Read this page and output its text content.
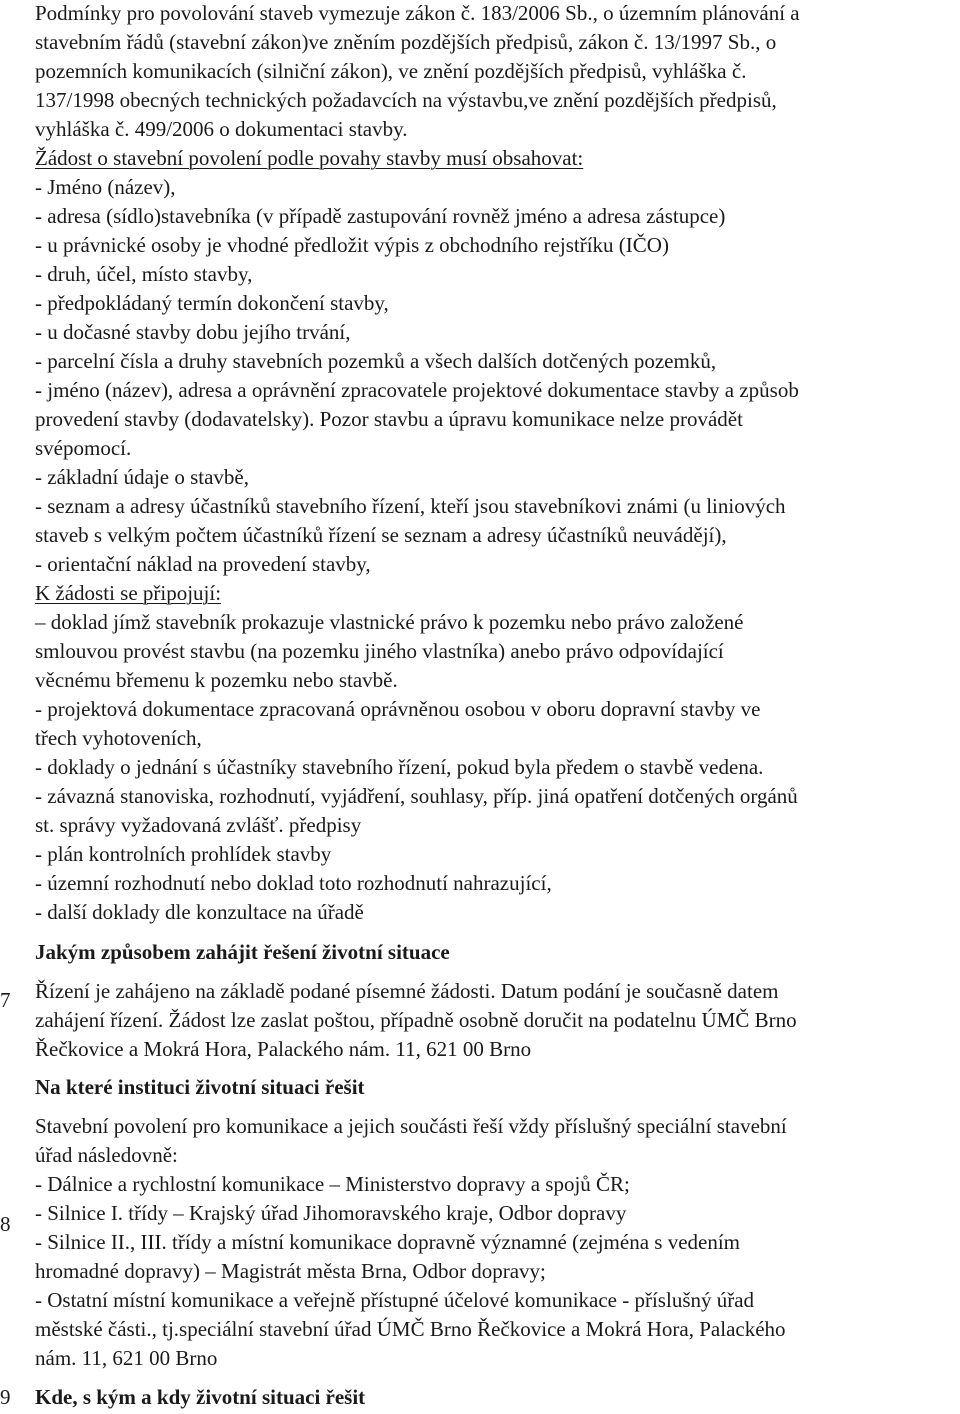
Podmínky pro povolování staveb vymezuje zákon č. 183/2006 Sb., o územním plánování a
stavebním řádů (stavební zákon)ve zněním pozdějších předpisů, zákon č. 13/1997 Sb., o
pozemních komunikacích (silniční zákon), ve znění pozdějších předpisů, vyhláška č.
137/1998 obecných technických požadavcích na výstavbu,ve znění pozdějších předpisů,
vyhláška č. 499/2006 o dokumentaci stavby.
Žádost o stavební povolení podle povahy stavby musí obsahovat:
- Jméno (název),
- adresa (sídlo)stavebníka (v případě zastupování rovněž jméno a adresa zástupce)
- u právnické osoby je vhodné předložit výpis z obchodního rejstříku (IČO)
- druh, účel, místo stavby,
- předpokládaný termín dokončení stavby,
- u dočasné stavby dobu jejího trvání,
- parcelní čísla a druhy stavebních pozemků a všech dalších dotčených pozemků,
- jméno (název), adresa a oprávnění zpracovatele projektové dokumentace stavby a způsob
provedení stavby (dodavatelsky). Pozor stavbu a úpravu komunikace nelze provádět
svépomocí.
- základní údaje o stavbě,
- seznam a adresy účastníků stavebního řízení, kteří jsou stavebníkovi známi (u liniových
staveb s velkým počtem účastníků řízení se seznam a adresy účastníků neuvádějí),
- orientační náklad na provedení stavby,
K žádosti se připojují:
– doklad jímž stavebník prokazuje vlastnické právo k pozemku nebo právo založené
smlouvou provést stavbu (na pozemku jiného vlastníka) anebo právo odpovídající
věcnému břemenu k pozemku nebo stavbě.
- projektová dokumentace zpracovaná oprávněnou osobou v oboru dopravní stavby ve
třech vyhotoveních,
- doklady o jednání s účastníky stavebního řízení, pokud byla předem o stavbě vedena.
- závazná stanoviska, rozhodnutí, vyjádření, souhlasy, příp. jiná opatření dotčených orgánů
st. správy vyžadovaná zvlášť. předpisy
- plán kontrolních prohlídek stavby
- územní rozhodnutí nebo doklad toto rozhodnutí nahrazující,
- další doklady dle konzultace na úřadě
Jakým způsobem zahájit řešení životní situace
7 Řízení je zahájeno na základě podané písemné žádosti. Datum podání je současně datem
zahájení řízení. Žádost lze zaslat poštou, případně osobně doručit na podatelnu ÚMČ Brno
Řečkovice a Mokrá Hora, Palackého nám. 11, 621 00 Brno
Na které instituci životní situaci řešit
Stavební povolení pro komunikace a jejich součásti řeší vždy příslušný speciální stavební
úřad následovně:
- Dálnice a rychlostní komunikace – Ministerstvo dopravy a spojů ČR;
8 - Silnice I. třídy – Krajský úřad Jihomoravského kraje, Odbor dopravy
- Silnice II., III. třídy a místní komunikace dopravně významné (zejména s vedením
hromadné dopravy) – Magistrát města Brna, Odbor dopravy;
- Ostatní místní komunikace a veřejně přístupné účelové komunikace - příslušný úřad
městské části., tj.speciální stavební úřad ÚMČ Brno Řečkovice a Mokrá Hora, Palackého
nám. 11, 621 00 Brno
9 Kde, s kým a kdy životní situaci řešit
